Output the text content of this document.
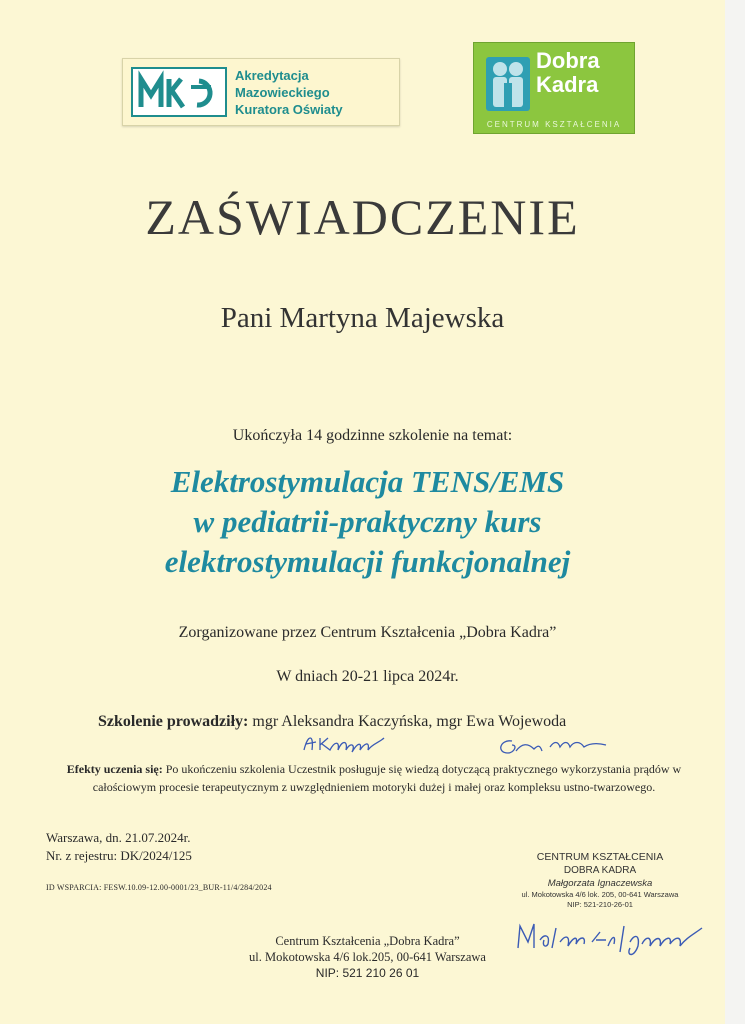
Akredytacja
Mazowieckiego
Kuratora Oświaty
Dobra
Kadra
CENTRUM KSZTAŁCENIA
ZAŚWIADCZENIE
Pani Martyna Majewska
Ukończyła 14 godzinne szkolenie na temat:
Elektrostymulacja TENS/EMS
w pediatrii-praktyczny kurs
elektrostymulacji funkcjonalnej
Zorganizowane przez Centrum Kształcenia „Dobra Kadra”
W dniach 20-21 lipca 2024r.
Szkolenie prowadziły: mgr Aleksandra Kaczyńska, mgr Ewa Wojewoda
Efekty uczenia się: Po ukończeniu szkolenia Uczestnik posługuje się wiedzą dotyczącą praktycznego wykorzystania prądów w całościowym procesie terapeutycznym z uwzględnieniem motoryki dużej i małej oraz kompleksu ustno-twarzowego.
Warszawa, dn. 21.07.2024r.
Nr. z rejestru: DK/2024/125
ID WSPARCIA: FESW.10.09-12.00-0001/23_BUR-11/4/284/2024
CENTRUM KSZTAŁCENIA
DOBRA KADRA
Małgorzata Ignaczewska
ul. Mokotowska 4/6 lok. 205, 00-641 Warszawa
NIP: 521-210-26-01
Centrum Kształcenia „Dobra Kadra”
ul. Mokotowska 4/6 lok.205, 00-641 Warszawa
NIP: 521 210 26 01
